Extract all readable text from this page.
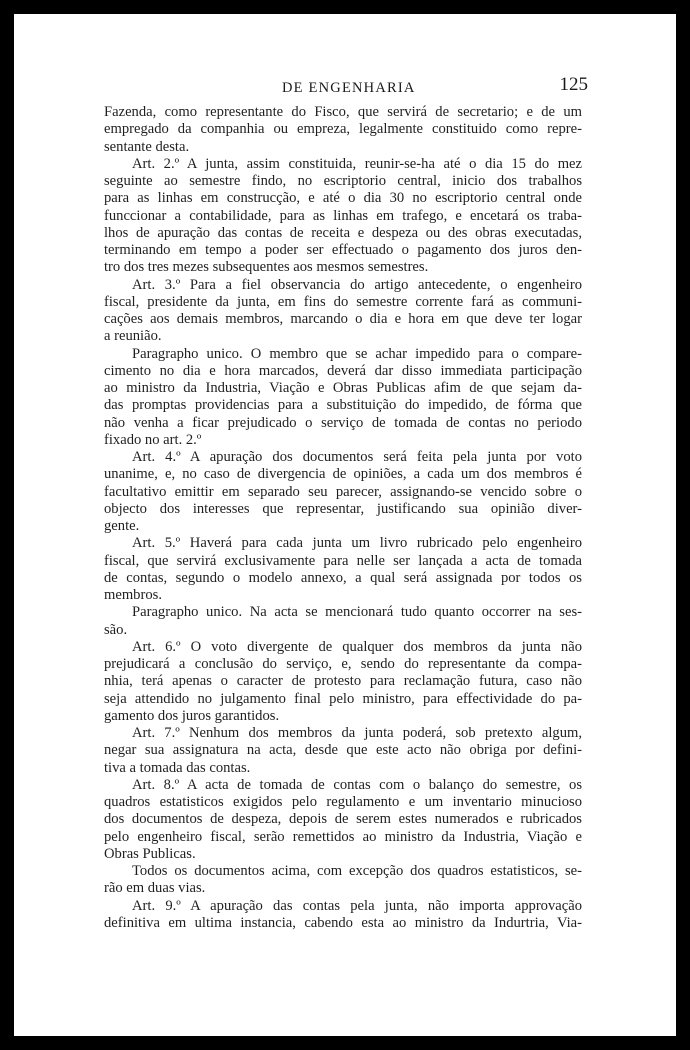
DE ENGENHARIA	125
Fazenda, como representante do Fisco, que servirá de secretario; e de um
empregado da companhia ou empreza, legalmente constituido como repre-
sentante desta.
Art. 2.º A junta, assim constituida, reunir-se-ha até o dia 15 do mez
seguinte ao semestre findo, no escriptorio central, inicio dos trabalhos
para as linhas em construcção, e até o dia 30 no escriptorio central onde
funccionar a contabilidade, para as linhas em trafego, e encetará os traba-
lhos de apuração das contas de receita e despeza ou des obras executadas,
terminando em tempo a poder ser effectuado o pagamento dos juros den-
tro dos tres mezes subsequentes aos mesmos semestres.
Art. 3.º Para a fiel observancia do artigo antecedente, o engenheiro
fiscal, presidente da junta, em fins do semestre corrente fará as communi-
cações aos demais membros, marcando o dia e hora em que deve ter logar
a reunião.
Paragrapho unico. O membro que se achar impedido para o compare-
cimento no dia e hora marcados, deverá dar disso immediata participação
ao ministro da Industria, Viação e Obras Publicas afim de que sejam da-
das promptas providencias para a substituição do impedido, de fórma que
não venha a ficar prejudicado o serviço de tomada de contas no periodo
fixado no art. 2.º
Art. 4.º A apuração dos documentos será feita pela junta por voto
unanime, e, no caso de divergencia de opiniões, a cada um dos membros é
facultativo emittir em separado seu parecer, assignando-se vencido sobre o
objecto dos interesses que representar, justificando sua opinião diver-
gente.
Art. 5.º Haverá para cada junta um livro rubricado pelo engenheiro
fiscal, que servirá exclusivamente para nelle ser lançada a acta de tomada
de contas, segundo o modelo annexo, a qual será assignada por todos os
membros.
Paragrapho unico. Na acta se mencionará tudo quanto occorrer na ses-
são.
Art. 6.º O voto divergente de qualquer dos membros da junta não
prejudicará a conclusão do serviço, e, sendo do representante da compa-
nhia, terá apenas o caracter de protesto para reclamação futura, caso não
seja attendido no julgamento final pelo ministro, para effectividade do pa-
gamento dos juros garantidos.
Art. 7.º Nenhum dos membros da junta poderá, sob pretexto algum,
negar sua assignatura na acta, desde que este acto não obriga por defini-
tiva a tomada das contas.
Art. 8.º A acta de tomada de contas com o balanço do semestre, os
quadros estatisticos exigidos pelo regulamento e um inventario minucioso
dos documentos de despeza, depois de serem estes numerados e rubricados
pelo engenheiro fiscal, serão remettidos ao ministro da Industria, Viação e
Obras Publicas.
Todos os documentos acima, com excepção dos quadros estatisticos, se-
rão em duas vias.
Art. 9.º A apuração das contas pela junta, não importa approvação
definitiva em ultima instancia, cabendo esta ao ministro da Indurtria, Via-
